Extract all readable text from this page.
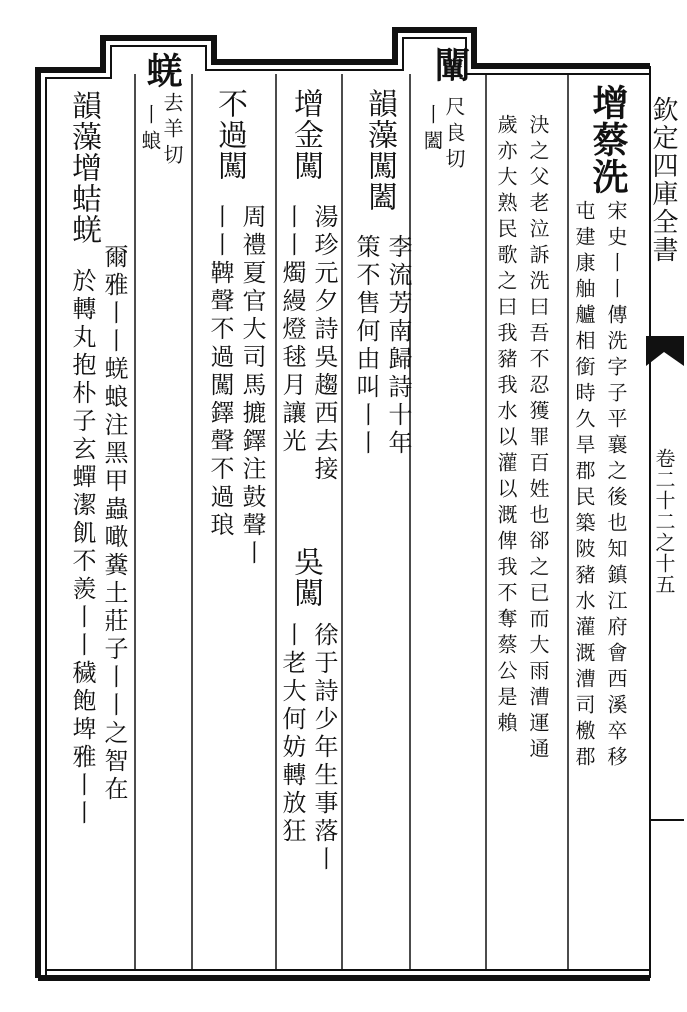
欽定四庫全書
卷二十二之十五
增蔡洗
宋史丨丨傳洗字子平襄之後也知鎮江府會西溪卒移
屯建康舳艫相銜時久旱郡民築陂豬水灌溉漕司檄郡
決之父老泣訴洗曰吾不忍獲罪百姓也郤之已而大雨漕運通
歲亦大熟民歌之曰我豬我水以灌以溉俾我不奪蔡公是賴
闡
尺良切
丨闔
韻藻闖闔
李流芳南歸詩十年
策不售何由叫丨丨
增金闖
湯珍元夕詩吳趨西去接
丨丨燭縵燈毬月讓光
吳闖
徐于詩少年生事落丨
丨老大何妨轉放狂
不過闖
周禮夏官大司馬摝鐸注鼓聲丨
丨丨鞞聲不過闖鐸聲不過琅
蜣
去羊切
丨蜋
韻藻增蛣蜣
爾雅丨丨蜣蜋注黑甲蟲噉糞土莊子丨丨之智在
於轉丸抱朴子玄蟬潔飢不羨丨丨穢飽埤雅丨丨
